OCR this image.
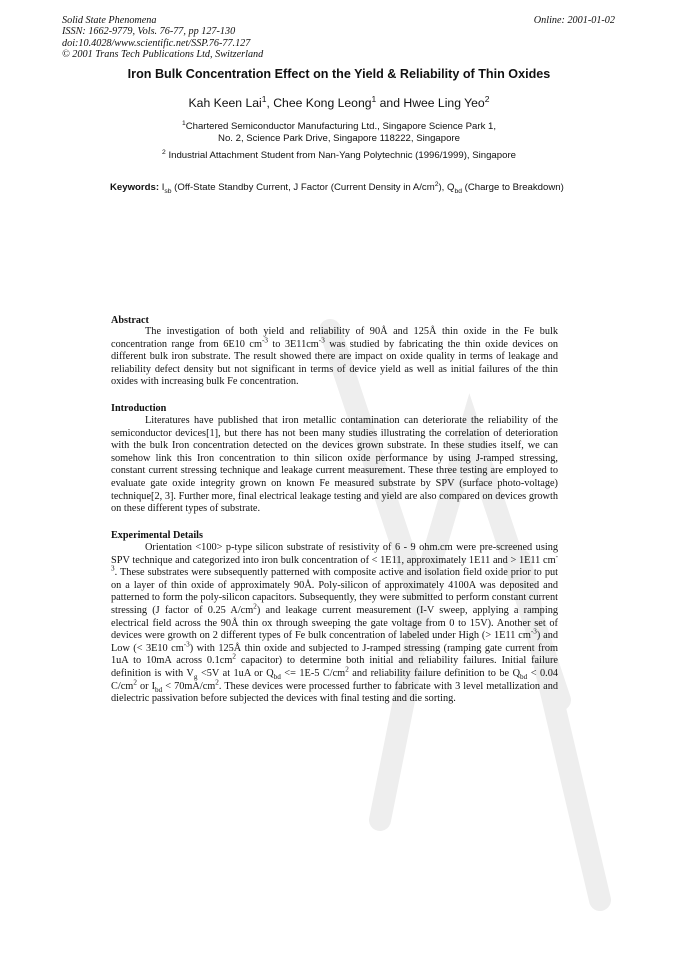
Solid State Phenomena
ISSN: 1662-9779, Vols. 76-77, pp 127-130
doi:10.4028/www.scientific.net/SSP.76-77.127
© 2001 Trans Tech Publications Ltd, Switzerland
Online: 2001-01-02
Iron Bulk Concentration Effect on the Yield & Reliability of Thin Oxides
Kah Keen Lai$^1$, Chee Kong Leong$^1$ and Hwee Ling Yeo$^2$
$^1$Chartered Semiconductor Manufacturing Ltd., Singapore Science Park 1,
No. 2, Science Park Drive, Singapore 118222, Singapore
$^2$ Industrial Attachment Student from Nan-Yang Polytechnic (1996/1999), Singapore
Keywords: $I_{sb}$ (Off-State Standby Current, J Factor (Current Density in $A/cm^2$), $Q_{bd}$ (Charge to Breakdown)
Abstract
The investigation of both yield and reliability of 90Å and 125Å thin oxide in the Fe bulk concentration range from 6E10 $cm^{-3}$ to $3E11cm^{-3}$ was studied by fabricating the thin oxide devices on different bulk iron substrate. The result showed there are impact on oxide quality in terms of leakage and reliability defect density but not significant in terms of device yield as well as initial failures of the thin oxides with increasing bulk Fe concentration.
Introduction
Literatures have published that iron metallic contamination can deteriorate the reliability of the semiconductor devices[1], but there has not been many studies illustrating the correlation of deterioration with the bulk Iron concentration detected on the devices grown substrate. In these studies itself, we can somehow link this Iron concentration to thin silicon oxide performance by using J-ramped stressing, constant current stressing technique and leakage current measurement. These three testing are employed to evaluate gate oxide integrity grown on known Fe measured substrate by SPV (surface photo-voltage) technique[2, 3]. Further more, final electrical leakage testing and yield are also compared on devices growth on these different types of substrate.
Experimental Details
Orientation <100> p-type silicon substrate of resistivity of 6 - 9 ohm.cm were pre-screened using SPV technique and categorized into iron bulk concentration of < 1E11, approximately 1E11 and > 1E11 $cm^{-3}$. These substrates were subsequently patterned with composite active and isolation field oxide prior to put on a layer of thin oxide of approximately 90Å. Poly-silicon of approximately 4100A was deposited and patterned to form the poly-silicon capacitors. Subsequently, they were submitted to perform constant current stressing (J factor of 0.25 $A/cm^2$) and leakage current measurement (I-V sweep, applying a ramping electrical field across the 90Å thin ox through sweeping the gate voltage from 0 to 15V). Another set of devices were growth on 2 different types of Fe bulk concentration of labeled under High (> 1E11 $cm^{-3}$) and Low (< 3E10 $cm^{-3}$) with 125Å thin oxide and subjected to J-ramped stressing (ramping gate current from 1uA to 10mA across $0.1cm^2$ capacitor) to determine both initial and reliability failures. Initial failure definition is with $V_g <5V$ at 1uA or $Q_{bd} <= 1E-5$ $C/cm^2$ and reliability failure definition to be $Q_{bd} < 0.04$ $C/cm^2$ or $I_{bd} < 70mA/cm^2$. These devices were processed further to fabricate with 3 level metallization and dielectric passivation before subjected the devices with final testing and die sorting.
